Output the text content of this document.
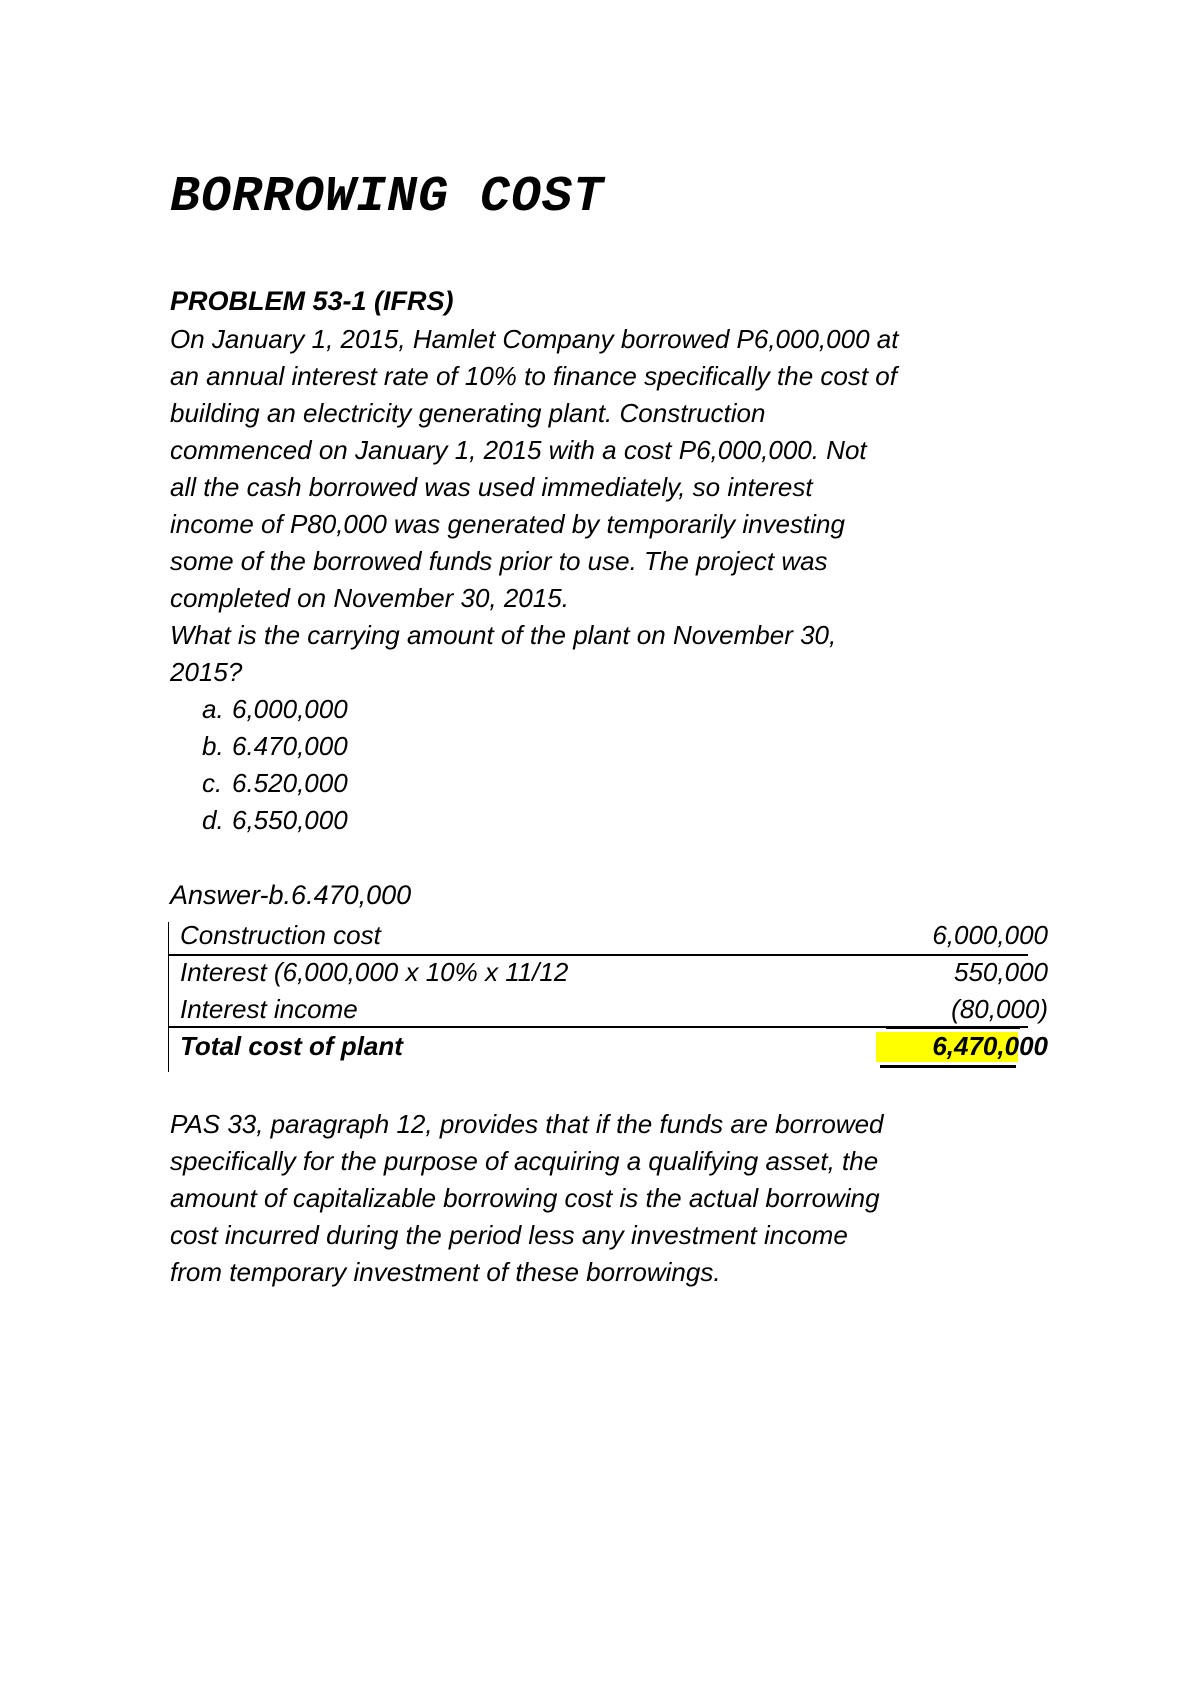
BORROWING COST
PROBLEM 53-1 (IFRS)

On January 1, 2015, Hamlet Company borrowed P6,000,000 at
an annual interest rate of 10% to finance specifically the cost of
building an electricity generating plant. Construction
commenced on January 1, 2015 with a cost P6,000,000. Not
all the cash borrowed was used immediately, so interest
income of P80,000 was generated by temporarily investing
some of the borrowed funds prior to use. The project was
completed on November 30, 2015.

What is the carrying amount of the plant on November 30,
2015?

a. 6,000,000
b. 6.470,000
c. 6.520,000
d. 6,550,000

Answer-b.6.470,000

Construction cost	6,000,000
Interest (6,000,000 x 10% x 11/12	550,000
Interest income	(80,000)
Total cost of plant	6,470,000

PAS 33, paragraph 12, provides that if the funds are borrowed
specifically for the purpose of acquiring a qualifying asset, the
amount of capitalizable borrowing cost is the actual borrowing
cost incurred during the period less any investment income
from temporary investment of these borrowings.
